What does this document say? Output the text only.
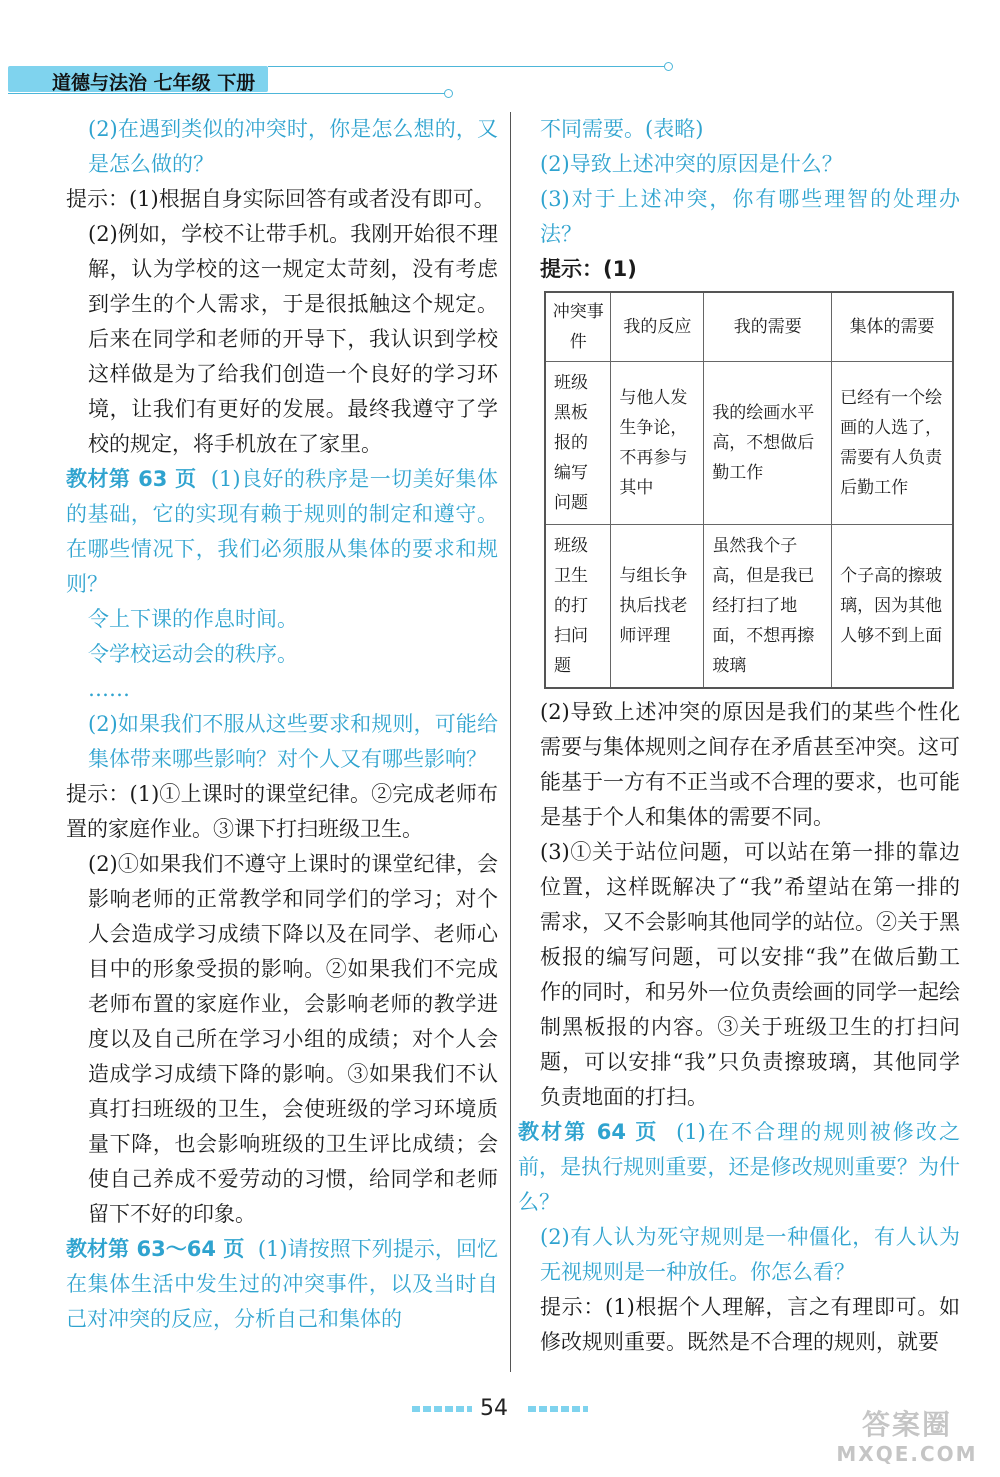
道德与法治 七年级 下册

(2)在遇到类似的冲突时，你是怎么想的，又是怎么做的？

提示：(1)根据自身实际回答有或者没有即可。

(2)例如，学校不让带手机。我刚开始很不理解，认为学校的这一规定太苛刻，没有考虑到学生的个人需求，于是很抵触这个规定。后来在同学和老师的开导下，我认识到学校这样做是为了给我们创造一个良好的学习环境，让我们有更好的发展。最终我遵守了学校的规定，将手机放在了家里。

教材第 63 页 (1)良好的秩序是一切美好集体的基础，它的实现有赖于规则的制定和遵守。在哪些情况下，我们必须服从集体的要求和规则？

令上下课的作息时间。

令学校运动会的秩序。

……

(2)如果我们不服从这些要求和规则，可能给集体带来哪些影响？对个人又有哪些影响？

提示：(1)①上课时的课堂纪律。②完成老师布置的家庭作业。③课下打扫班级卫生。

(2)①如果我们不遵守上课时的课堂纪律，会影响老师的正常教学和同学们的学习；对个人会造成学习成绩下降以及在同学、老师心目中的形象受损的影响。②如果我们不完成老师布置的家庭作业，会影响老师的教学进度以及自己所在学习小组的成绩；对个人会造成学习成绩下降的影响。③如果我们不认真打扫班级的卫生，会使班级的学习环境质量下降，也会影响班级的卫生评比成绩；会使自己养成不爱劳动的习惯，给同学和老师留下不好的印象。

教材第 63～64 页 (1)请按照下列提示，回忆在集体生活中发生过的冲突事件，以及当时自己对冲突的反应，分析自己和集体的

不同需要。(表略)

(2)导致上述冲突的原因是什么？

(3)对于上述冲突，你有哪些理智的处理办法？

提示：(1)

冲突事件	我的反应	我的需要	集体的需要
班级黑板报的编写问题	与他人发生争论，不再参与其中	我的绘画水平高，不想做后勤工作	已经有一个绘画的人选了，需要有人负责后勤工作
班级卫生的打扫问题	与组长争执后找老师评理	虽然我个子高，但是我已经打扫了地面，不想再擦玻璃	个子高的擦玻璃，因为其他人够不到上面

(2)导致上述冲突的原因是我们的某些个性化需要与集体规则之间存在矛盾甚至冲突。这可能基于一方有不正当或不合理的要求，也可能是基于个人和集体的需要不同。

(3)①关于站位问题，可以站在第一排的靠边位置，这样既解决了“我”希望站在第一排的需求，又不会影响其他同学的站位。②关于黑板报的编写问题，可以安排“我”在做后勤工作的同时，和另外一位负责绘画的同学一起绘制黑板报的内容。③关于班级卫生的打扫问题，可以安排“我”只负责擦玻璃，其他同学负责地面的打扫。

教材第 64 页 (1)在不合理的规则被修改之前，是执行规则重要，还是修改规则重要？为什么？

(2)有人认为死守规则是一种僵化，有人认为无视规则是一种放任。你怎么看？

提示：(1)根据个人理解，言之有理即可。如修改规则重要。既然是不合理的规则，就要

54	答案圈
MXQE.COM
